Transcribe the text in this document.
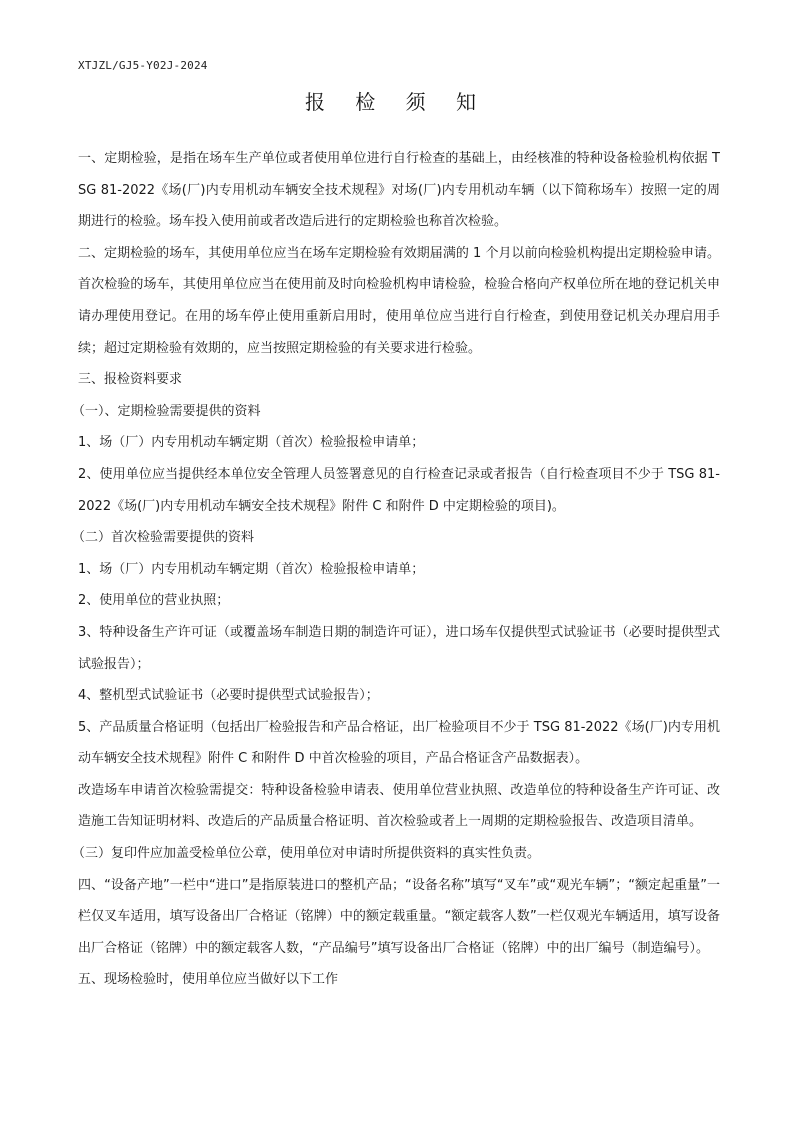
XTJZL/GJ5-Y02J-2024
报 检 须 知

一、定期检验，是指在场车生产单位或者使用单位进行自行检查的基础上，由经核准的特种设备检验机构依据 TSG 81-2022《场(厂)内专用机动车辆安全技术规程》对场(厂)内专用机动车辆（以下简称场车）按照一定的周期进行的检验。场车投入使用前或者改造后进行的定期检验也称首次检验。

二、定期检验的场车，其使用单位应当在场车定期检验有效期届满的 1 个月以前向检验机构提出定期检验申请。首次检验的场车，其使用单位应当在使用前及时向检验机构申请检验，检验合格向产权单位所在地的登记机关申请办理使用登记。在用的场车停止使用重新启用时，使用单位应当进行自行检查，到使用登记机关办理启用手续；超过定期检验有效期的，应当按照定期检验的有关要求进行检验。

三、报检资料要求

（一）、定期检验需要提供的资料

1、场（厂）内专用机动车辆定期（首次）检验报检申请单；

2、使用单位应当提供经本单位安全管理人员签署意见的自行检查记录或者报告（自行检查项目不少于 TSG 81-2022《场(厂)内专用机动车辆安全技术规程》附件 C 和附件 D 中定期检验的项目)。

（二）首次检验需要提供的资料

1、场（厂）内专用机动车辆定期（首次）检验报检申请单；

2、使用单位的营业执照；

3、特种设备生产许可证（或覆盖场车制造日期的制造许可证），进口场车仅提供型式试验证书（必要时提供型式试验报告）；

4、整机型式试验证书（必要时提供型式试验报告）；

5、产品质量合格证明（包括出厂检验报告和产品合格证，出厂检验项目不少于 TSG 81-2022《场(厂)内专用机动车辆安全技术规程》附件 C 和附件 D 中首次检验的项目，产品合格证含产品数据表）。

改造场车申请首次检验需提交：特种设备检验申请表、使用单位营业执照、改造单位的特种设备生产许可证、改造施工告知证明材料、改造后的产品质量合格证明、首次检验或者上一周期的定期检验报告、改造项目清单。

（三）复印件应加盖受检单位公章，使用单位对申请时所提供资料的真实性负责。

四、“设备产地”一栏中“进口”是指原装进口的整机产品；“设备名称”填写“叉车”或“观光车辆”；“额定起重量”一栏仅叉车适用，填写设备出厂合格证（铭牌）中的额定载重量。“额定载客人数”一栏仅观光车辆适用，填写设备出厂合格证（铭牌）中的额定载客人数，“产品编号”填写设备出厂合格证（铭牌）中的出厂编号（制造编号）。

五、现场检验时，使用单位应当做好以下工作
